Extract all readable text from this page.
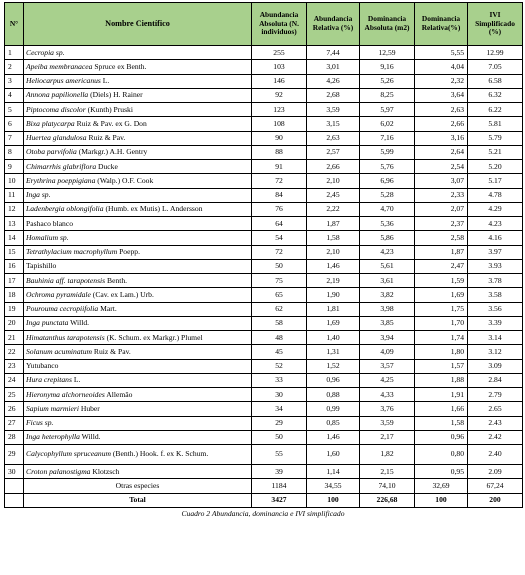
N°	Nombre Científico	Abundancia Absoluta (N. individuos)	Abundancia Relativa (%)	Dominancia Absoluta (m2)	Dominancia Relativa(%)	IVI Simplificado (%)
1	Cecropia sp.	255	7,44	12,59	5,55	12.99
2	Apeiba membranacea Spruce ex Benth.	103	3,01	9,16	4,04	7.05
3	Heliocarpus americanus L.	146	4,26	5,26	2,32	6.58
4	Annona papilionella (Diels) H. Rainer	92	2,68	8,25	3,64	6.32
5	Piptocoma discolor (Kunth) Pruski	123	3,59	5,97	2,63	6.22
6	Bixa platycarpa Ruiz & Pav. ex G. Don	108	3,15	6,02	2,66	5.81
7	Huertea glandulosa Ruiz & Pav.	90	2,63	7,16	3,16	5.79
8	Otoba parvifolia (Markgr.) A.H. Gentry	88	2,57	5,99	2,64	5.21
9	Chimarrhis glabriflora Ducke	91	2,66	5,76	2,54	5.20
10	Erythrina poeppigiana (Walp.) O.F. Cook	72	2,10	6,96	3,07	5.17
11	Inga sp.	84	2,45	5,28	2,33	4.78
12	Ladenbergia oblongifolia (Humb. ex Mutis) L. Andersson	76	2,22	4,70	2,07	4.29
13	Pashaco blanco	64	1,87	5,36	2,37	4.23
14	Homalium sp.	54	1,58	5,86	2,58	4.16
15	Tetrathylacium macrophyllum Poepp.	72	2,10	4,23	1,87	3.97
16	Tapishillo	50	1,46	5,61	2,47	3.93
17	Bauhinia aff. tarapotensis Benth.	75	2,19	3,61	1,59	3.78
18	Ochroma pyramidale (Cav. ex Lam.) Urb.	65	1,90	3,82	1,69	3.58
19	Pourouma cecropiifolia Mart.	62	1,81	3,98	1,75	3.56
20	Inga punctata Willd.	58	1,69	3,85	1,70	3.39
21	Himatanthus tarapotensis (K. Schum. ex Markgr.) Plumel	48	1,40	3,94	1,74	3.14
22	Solanum acuminatum Ruiz & Pav.	45	1,31	4,09	1,80	3.12
23	Yutubanco	52	1,52	3,57	1,57	3.09
24	Hura crepitans L.	33	0,96	4,25	1,88	2.84
25	Hieronyma alchorneoides Allemão	30	0,88	4,33	1,91	2.79
26	Sapium marmieri Huber	34	0,99	3,76	1,66	2.65
27	Ficus sp.	29	0,85	3,59	1,58	2.43
28	Inga heterophylla Willd.	50	1,46	2,17	0,96	2.42
29	Calycophyllum spruceanum (Benth.) Hook. f. ex K. Schum.	55	1,60	1,82	0,80	2.40
30	Croton palanostigma Klotzsch	39	1,14	2,15	0,95	2.09
	Otras especies	1184	34,55	74,10	32,69	67,24
	Total	3427	100	226,68	100	200
Cuadro 2 Abundancia, dominancia e IVI simplificado
